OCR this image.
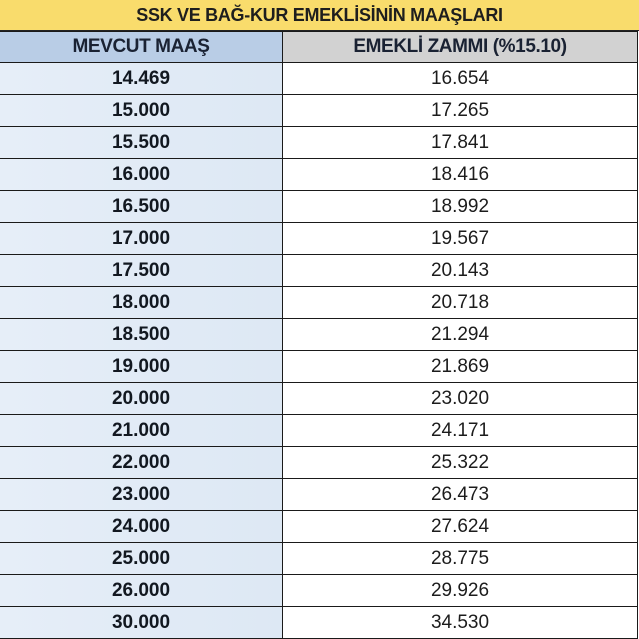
SSK VE BAĞ-KUR EMEKLİSİNİN MAAŞLARI
MEVCUT MAAŞ	EMEKLİ ZAMMI (%15.10)
14.469	16.654
15.000	17.265
15.500	17.841
16.000	18.416
16.500	18.992
17.000	19.567
17.500	20.143
18.000	20.718
18.500	21.294
19.000	21.869
20.000	23.020
21.000	24.171
22.000	25.322
23.000	26.473
24.000	27.624
25.000	28.775
26.000	29.926
30.000	34.530
